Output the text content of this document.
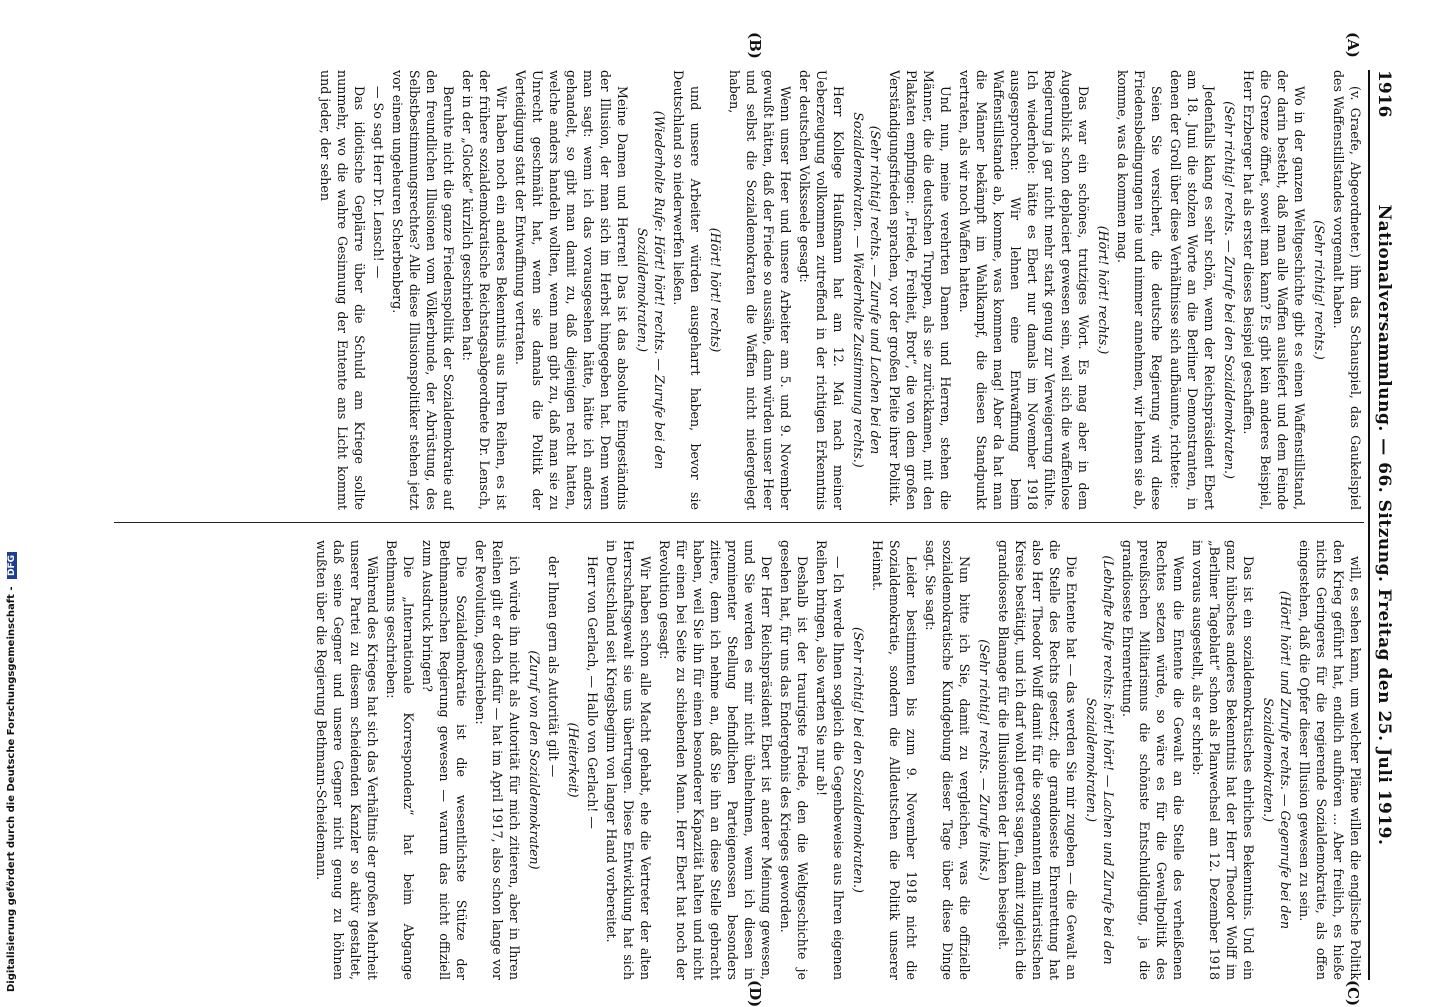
1916
Nationalversammlung. — 66. Sitzung. Freitag den 25. Juli 1919.
(A)
(B)
(C)
(D)

(v. Graefe, Abgeordneter.) ihm das Schauspiel, das Gaukelspiel des Waffenstillstandes vorgemalt haben.

(Sehr richtig! rechts.)

Wo in der ganzen Weltgeschichte gibt es einen Waffenstillstand, der darin besteht, daß man alle Waffen ausliefert und dem Feinde die Grenze öffnet, soweit man kann? Es gibt kein anderes Beispiel, Herr Erzberger hat als erster dieses Beispiel geschaffen.

(Sehr richtig! rechts. — Zurufe bei den Sozialdemokraten.)

Jedenfalls klang es sehr schön, wenn der Reichspräsident Ebert am 18. Juni die stolzen Worte an die Berliner Demonstranten, in denen der Groll über diese Verhältnisse sich aufbäumte, richtete:

Seien Sie versichert, die deutsche Regierung wird diese Friedensbedingungen nie und nimmer annehmen, wir lehnen sie ab, komme, was da kommen mag.

(Hört! hört! rechts.)

Das war ein schönes, trutziges Wort. Es mag aber in dem Augenblick schon deplaciert gewesen sein, weil sich die waffenlose Regierung ja gar nicht mehr stark genug zur Verweigerung fühlte. Ich wiederhole: hätte es Ebert nur damals im November 1918 ausgesprochen: Wir lehnen eine Entwaffnung beim Waffenstillstande ab, komme, was kommen mag! Aber da hat man die Männer bekämpft im Wahlkampf, die diesen Standpunkt vertraten, als wir noch Waffen hatten.

Und nun, meine verehrten Damen und Herren, stehen die Männer, die die deutschen Truppen, als sie zurückkamen, mit den Plakaten empfingen: „Friede, Freiheit, Brot“, die von dem großen Verständigungsfrieden sprachen, vor der großen Pleite ihrer Politik.

(Sehr richtig! rechts. — Zurufe und Lachen bei den Sozialdemokraten. — Wiederholte Zustimmung rechts.)

Herr Kollege Haußmann hat am 12. Mai nach meiner Ueberzeugung vollkommen zutreffend in der richtigen Erkenntnis der deutschen Volksseele gesagt:

Wenn unser Heer und unsere Arbeiter am 5. und 9. November gewußt hätten, daß der Friede so aussähe, dann würden unser Heer und selbst die Sozialdemokraten die Waffen nicht niedergelegt haben,

(Hört! hört! rechts)

und unsere Arbeiter würden ausgeharrt haben, bevor sie Deutschland so niederwerfen ließen.

(Wiederholte Rufe: Hört! hört! rechts. — Zurufe bei den Sozialdemokraten.)

Meine Damen und Herren! Das ist das absolute Eingeständnis der Illusion, der man sich im Herbst hingegeben hat. Denn wenn man sagt: wenn ich das vorausgesehen hätte, hätte ich anders gehandelt, so gibt man damit zu, daß diejenigen recht hatten, welche anders handeln wollten, wenn man gibt zu, daß man sie zu Unrecht geschmäht hat, wenn sie damals die Politik der Verteidigung statt der Entwaffnung vertraten.

Wir haben noch ein anderes Bekenntnis aus Ihren Reihen, es ist der frühere sozialdemokratische Reichstagsabgeordnete Dr. Lensch, der in der „Glocke“ kürzlich geschrieben hat:

Beruhte nicht die ganze Friedenspolitik der Sozialdemokratie auf den freundlichen Illusionen vom Völkerbunde, der Abrüstung, des Selbstbestimmungsrechtes? Alle diese Illusionspolitiker stehen jetzt vor einem ungeheuren Scherbenberg.

— So sagt Herr Dr. Lensch! —

Das idiotische Geplärre über die Schuld am Kriege sollte nunmehr, wo die wahre Gesinnung der Entente ans Licht kommt und jeder, der sehen

will, es sehen kann, um welcher Pläne willen die englische Politik den Krieg geführt hat, endlich aufhören ... Aber freilich, es hieße nichts Geringeres für die regierende Sozialdemokratie, als offen eingestehen, daß die Opfer dieser Illusion gewesen zu sein.

(Hört! hört! und Zurufe rechts. — Gegenrufe bei den Sozialdemokraten.)

Das ist ein sozialdemokratisches ehrliches Bekenntnis. Und ein ganz hübsches anderes Bekenntnis hat der Herr Theodor Wolff im „Berliner Tageblatt“ schon als Planwechsel am 12. Dezember 1918 im voraus ausgestellt, als er schrieb:

Wenn die Entente die Gewalt an die Stelle des verheißenen Rechtes setzen würde, so wäre es für die Gewaltpolitik des preußischen Militarismus die schönste Entschuldigung, ja die grandioseste Ehrenrettung.

(Lebhafte Rufe rechts: hört! hört! — Lachen und Zurufe bei den Sozialdemokraten.)

Die Entente hat — das werden Sie mir zugeben — die Gewalt an die Stelle des Rechts gesetzt; die grandioseste Ehrenrettung hat also Herr Theodor Wolff damit für die sogenannten militaristischen Kreise bestätigt, und ich darf wohl getrost sagen, damit zugleich die grandioseste Blamage für die Illusionisten der Linken besiegelt.

(Sehr richtig! rechts. — Zurufe links.)

Nun bitte ich Sie, damit zu vergleichen, was die offizielle sozialdemokratische Kundgebung dieser Tage über diese Dinge sagt. Sie sagt:

Leider bestimmten bis zum 9. November 1918 nicht die Sozialdemokratie, sondern die Alldeutschen die Politik unserer Heimat.

(Sehr richtig! bei den Sozialdemokraten.)

— Ich werde Ihnen sogleich die Gegenbeweise aus Ihren eigenen Reihen bringen, also warten Sie nur ab!

Deshalb ist der traurigste Friede, den die Weltgeschichte je gesehen hat, für uns das Endergebnis des Krieges geworden.

Der Herr Reichspräsident Ebert ist anderer Meinung gewesen, und Sie werden es mir nicht übelnehmen, wenn ich diesen in prominenter Stellung befindlichen Parteigenossen besonders zitiere, denn ich nehme an, daß Sie ihn an diese Stelle gebracht haben, weil Sie ihn für einen besonderer Kapazität halten und nicht für einen bei Seite zu schiebenden Mann. Herr Ebert hat noch der Revolution gesagt:

Wir haben schon alle Macht gehabt, ehe die Vertreter der alten Herrschaftsgewalt sie uns übertrugen. Diese Entwicklung hat sich in Deutschland seit Kriegsbeginn von langer Hand vorbereitet.

Herr von Gerlach, — Hallo von Gerlach! —

(Heiterkeit)

der Ihnen gern als Autorität gilt —

(Zuruf von den Sozialdemokraten)

ich würde ihn nicht als Autorität für mich zitieren, aber in Ihren Reihen gilt er doch dafür — hat im April 1917, also schon lange vor der Revolution, geschrieben:

Die Sozialdemokratie ist die wesentlichste Stütze der Bethmannschen Regierung gewesen — warum das nicht offiziell zum Ausdruck bringen?

Die „Internationale Korrespondenz“ hat beim Abgange Bethmanns geschrieben:

Während des Krieges hat sich das Verhältnis der großen Mehrheit unserer Partei zu diesem scheidenden Kanzler so aktiv gestaltet, daß seine Gegner und unsere Gegner nicht genug zu höhnen wußten über die Regierung Bethmann-Scheidemann.

Digitalisierung gefördert durch die Deutsche Forschungsgemeinschaft - DFG
